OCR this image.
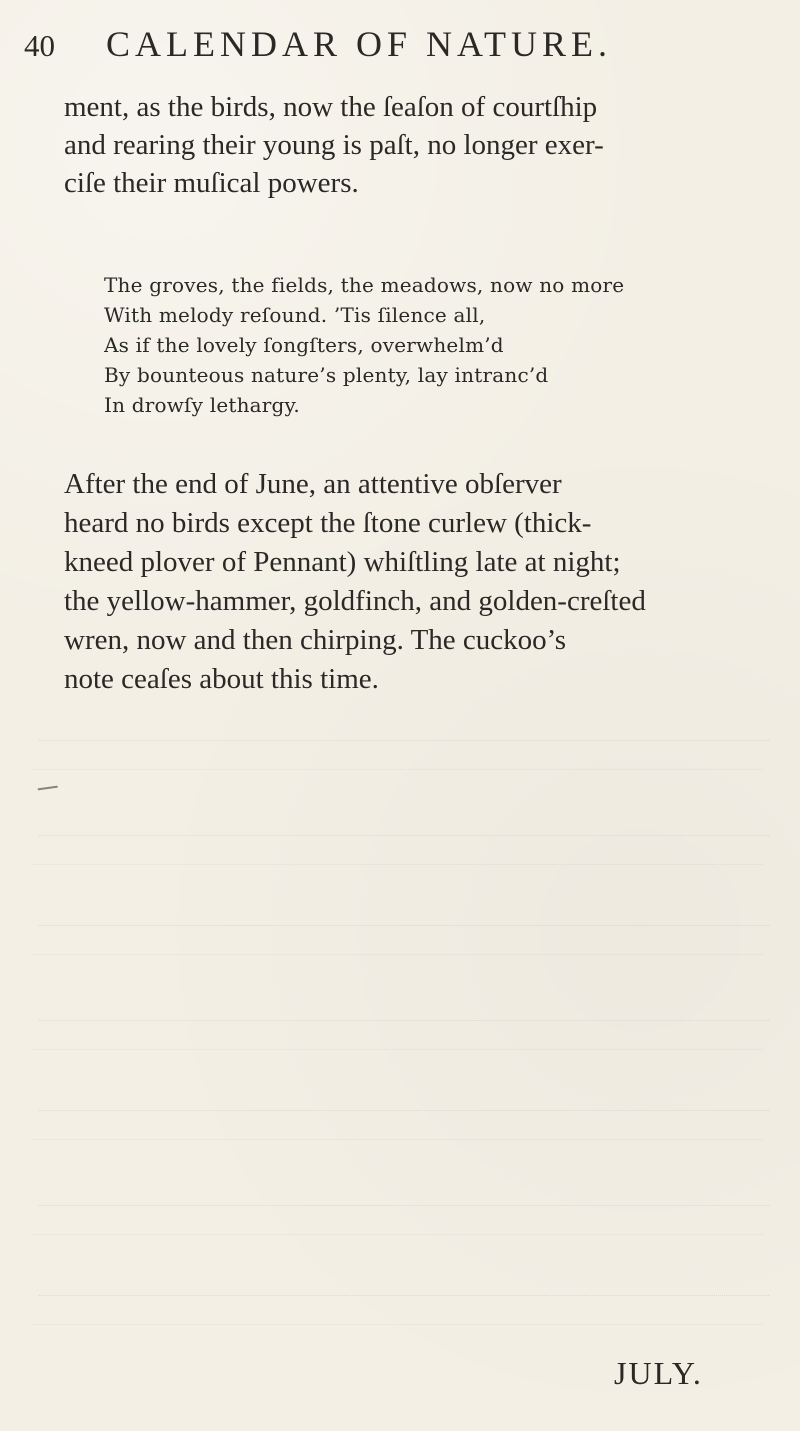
40 CALENDAR OF NATURE.

ment, as the birds, now the ſeaſon of courtſhip
and rearing their young is paſt, no longer exer-
ciſe their muſical powers.

The groves, the fields, the meadows, now no more
With melody reſound. ’Tis ſilence all,
As if the lovely ſongſters, overwhelm’d
By bounteous nature’s plenty, lay intranc’d
In drowſy lethargy.

After the end of June, an attentive obſerver
heard no birds except the ſtone curlew (thick-
kneed plover of Pennant) whiſtling late at night;
the yellow-hammer, goldfinch, and golden-creſted
wren, now and then chirping. The cuckoo’s
note ceaſes about this time.

JULY.
